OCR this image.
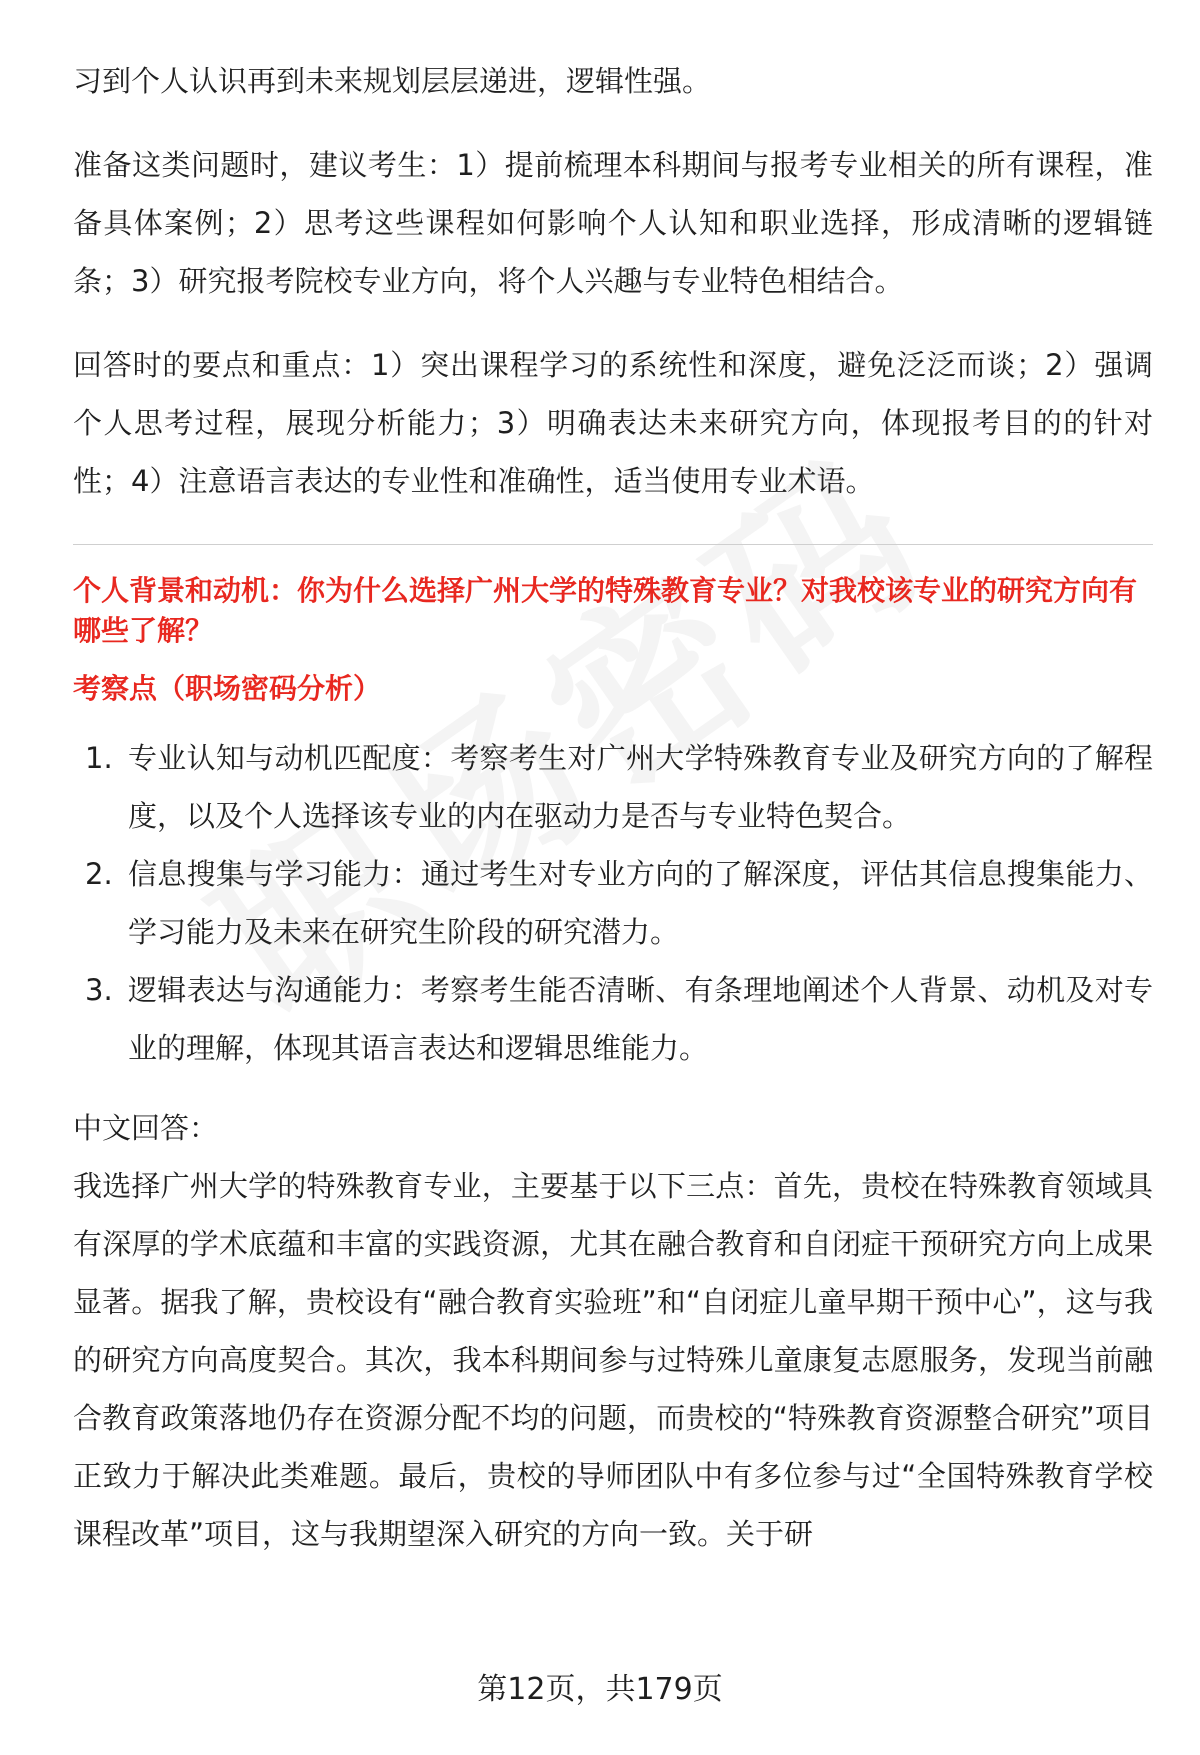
习到个人认识再到未来规划层层递进，逻辑性强。

准备这类问题时，建议考生：1）提前梳理本科期间与报考专业相关的所有课程，准备具体案例；2）思考这些课程如何影响个人认知和职业选择，形成清晰的逻辑链条；3）研究报考院校专业方向，将个人兴趣与专业特色相结合。

回答时的要点和重点：1）突出课程学习的系统性和深度，避免泛泛而谈；2）强调个人思考过程，展现分析能力；3）明确表达未来研究方向，体现报考目的的针对性；4）注意语言表达的专业性和准确性，适当使用专业术语。

个人背景和动机：你为什么选择广州大学的特殊教育专业？对我校该专业的研究方向有哪些了解？
考察点（职场密码分析）
1. 专业认知与动机匹配度：考察考生对广州大学特殊教育专业及研究方向的了解程度，以及个人选择该专业的内在驱动力是否与专业特色契合。
2. 信息搜集与学习能力：通过考生对专业方向的了解深度，评估其信息搜集能力、学习能力及未来在研究生阶段的研究潜力。
3. 逻辑表达与沟通能力：考察考生能否清晰、有条理地阐述个人背景、动机及对专业的理解，体现其语言表达和逻辑思维能力。

中文回答：

我选择广州大学的特殊教育专业，主要基于以下三点：首先，贵校在特殊教育领域具有深厚的学术底蕴和丰富的实践资源，尤其在融合教育和自闭症干预研究方向上成果显著。据我了解，贵校设有“融合教育实验班”和“自闭症儿童早期干预中心”，这与我的研究方向高度契合。其次，我本科期间参与过特殊儿童康复志愿服务，发现当前融合教育政策落地仍存在资源分配不均的问题，而贵校的“特殊教育资源整合研究”项目正致力于解决此类难题。最后，贵校的导师团队中有多位参与过“全国特殊教育学校课程改革”项目，这与我期望深入研究的方向一致。关于研

第12页，共179页
